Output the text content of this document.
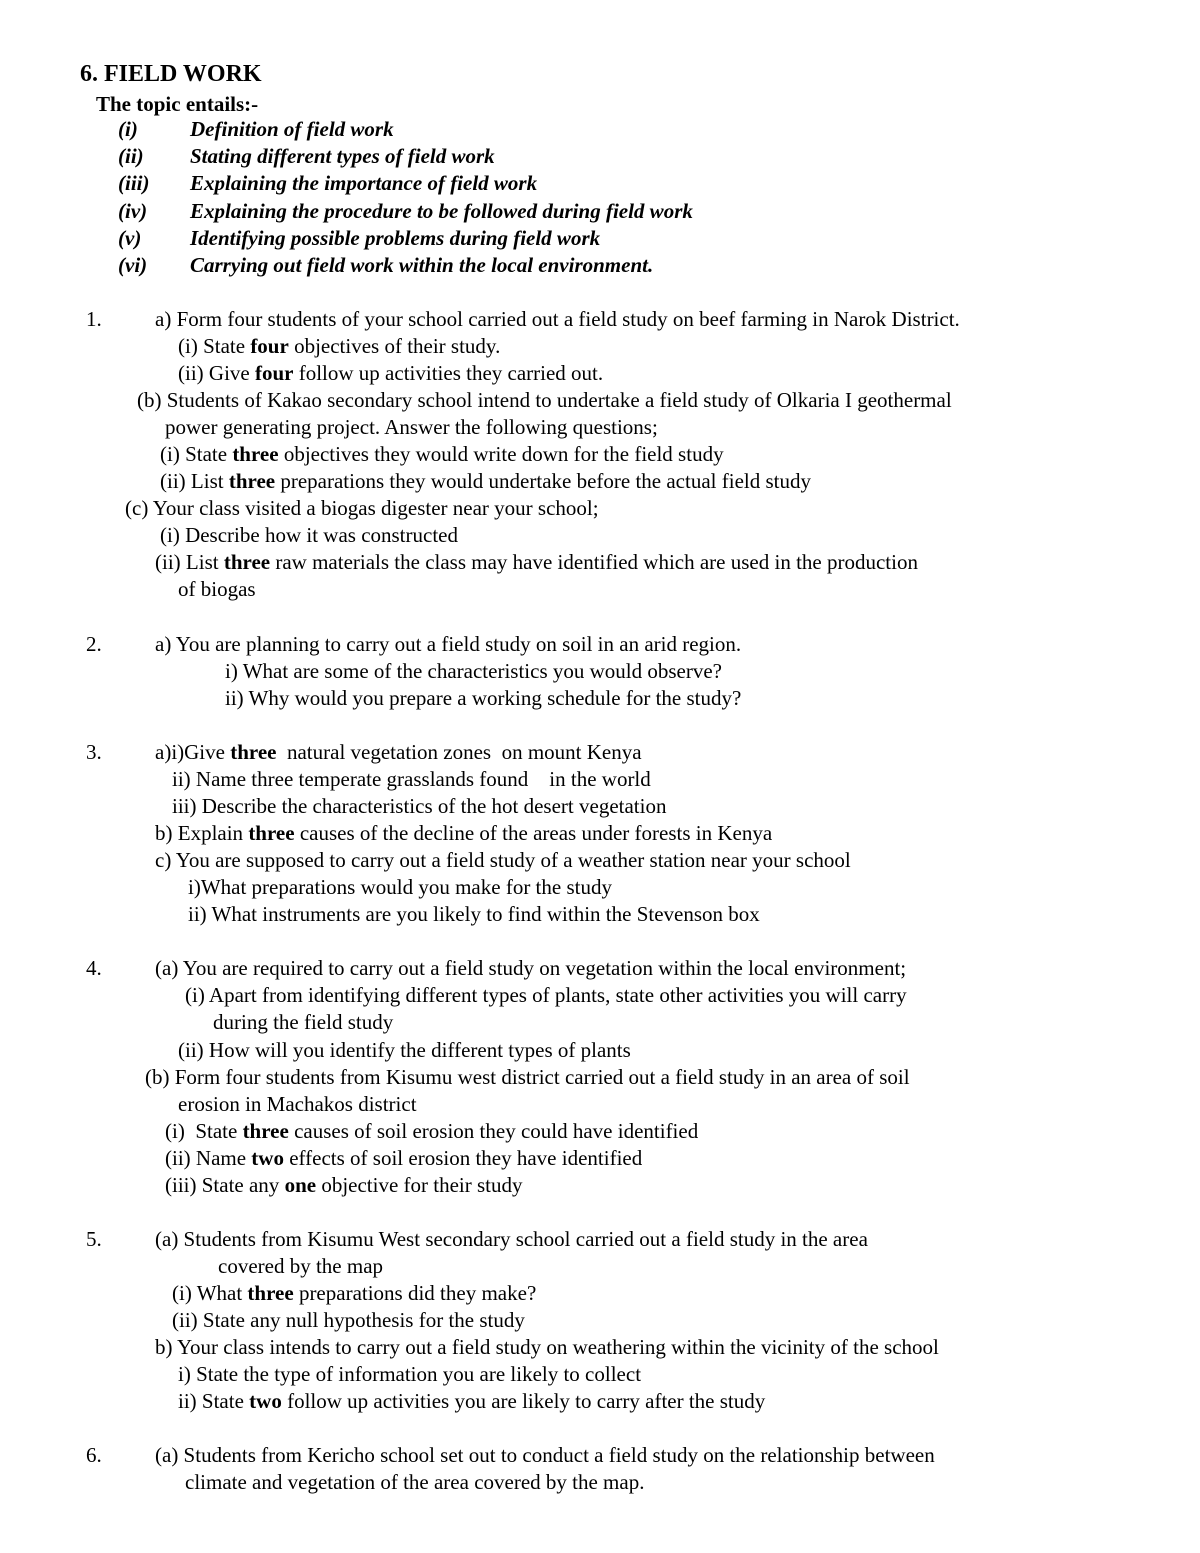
6. FIELD WORK
The topic entails:-
(i) Definition of field work
(ii) Stating different types of field work
(iii) Explaining the importance of field work
(iv) Explaining the procedure to be followed during field work
(v) Identifying possible problems during field work
(vi) Carrying out field work within the local environment.
1.	a) Form four students of your school carried out a field study on beef farming in Narok District.
(i) State four objectives of their study.
(ii) Give four follow up activities they carried out.
(b) Students of Kakao secondary school intend to undertake a field study of Olkaria I geothermal
power generating project. Answer the following questions;
(i) State three objectives they would write down for the field study
(ii) List three preparations they would undertake before the actual field study
(c) Your class visited a biogas digester near your school;
(i) Describe how it was constructed
(ii) List three raw materials the class may have identified which are used in the production
of biogas
2.	a) You are planning to carry out a field study on soil in an arid region.
i) What are some of the characteristics you would observe?
ii) Why would you prepare a working schedule for the study?
3.	a)i)Give three  natural vegetation zones  on mount Kenya
ii) Name three temperate grasslands found    in the world
iii) Describe the characteristics of the hot desert vegetation
b) Explain three causes of the decline of the areas under forests in Kenya
c) You are supposed to carry out a field study of a weather station near your school
i)What preparations would you make for the study
ii) What instruments are you likely to find within the Stevenson box
4.	(a) You are required to carry out a field study on vegetation within the local environment;
(i) Apart from identifying different types of plants, state other activities you will carry
during the field study
(ii) How will you identify the different types of plants
(b) Form four students from Kisumu west district carried out a field study in an area of soil
erosion in Machakos district
(i)  State three causes of soil erosion they could have identified
(ii) Name two effects of soil erosion they have identified
(iii) State any one objective for their study
5.	(a) Students from Kisumu West secondary school carried out a field study in the area
covered by the map
(i) What three preparations did they make?
(ii) State any null hypothesis for the study
b) Your class intends to carry out a field study on weathering within the vicinity of the school
i) State the type of information you are likely to collect
ii) State two follow up activities you are likely to carry after the study
6.	(a) Students from Kericho school set out to conduct a field study on the relationship between
climate and vegetation of the area covered by the map.
